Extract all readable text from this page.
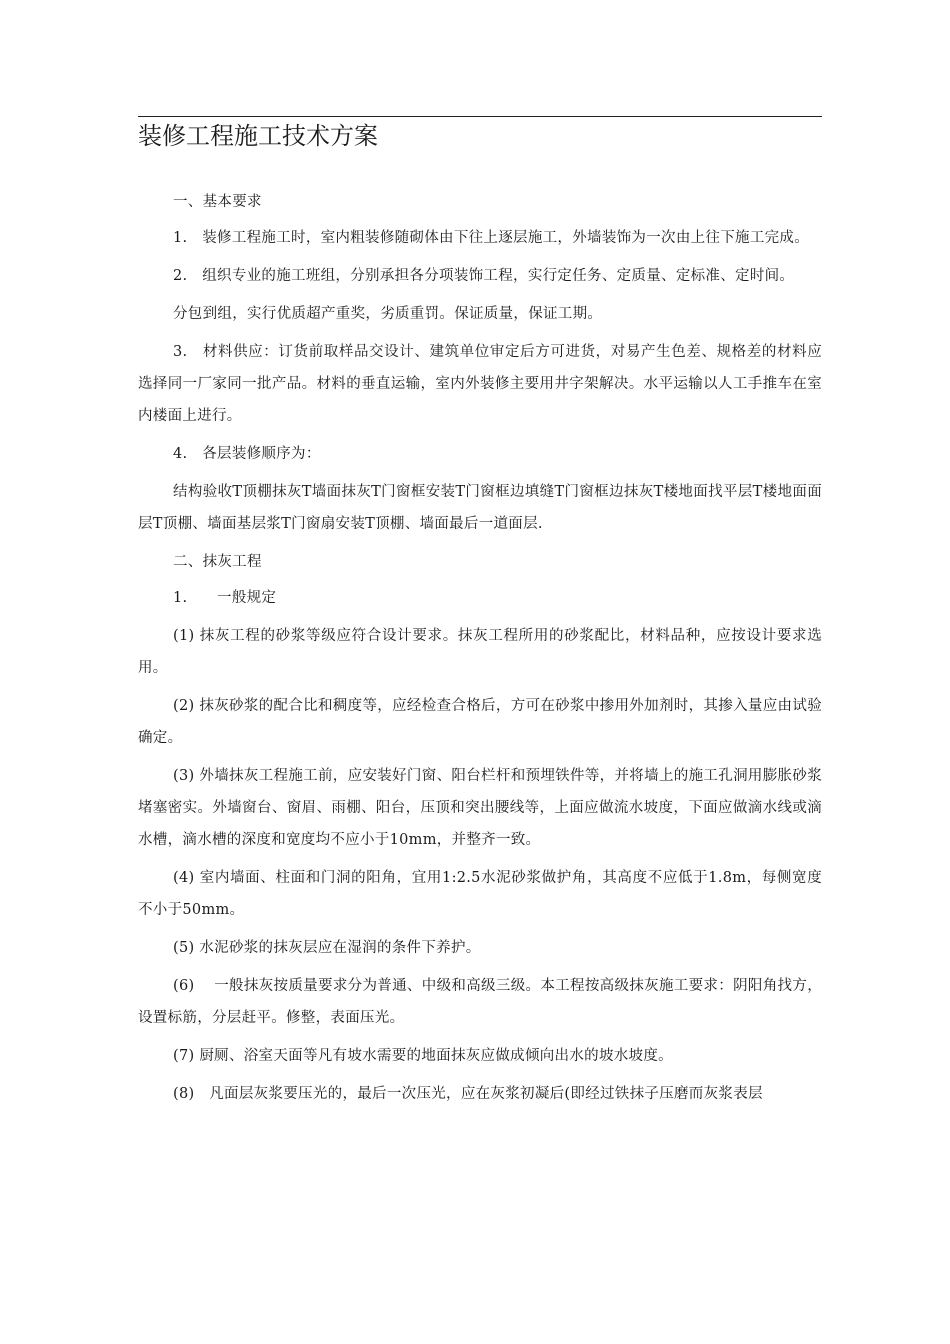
装修工程施工技术方案

一、基本要求

1.　装修工程施工时，室内粗装修随砌体由下往上逐层施工，外墙装饰为一次由上往下施工完成。

2.　组织专业的施工班组，分别承担各分项装饰工程，实行定任务、定质量、定标准、定时间。

分包到组，实行优质超产重奖，劣质重罚。保证质量，保证工期。

3.　材料供应：订货前取样品交设计、建筑单位审定后方可进货，对易产生色差、规格差的材料应选择同一厂家同一批产品。材料的垂直运输，室内外装修主要用井字架解决。水平运输以人工手推车在室内楼面上进行。

4.　各层装修顺序为：

结构验收T顶棚抹灰T墙面抹灰T门窗框安装T门窗框边填缝T门窗框边抹灰T楼地面找平层T楼地面面层T顶棚、墙面基层浆T门窗扇安装T顶棚、墙面最后一道面层.

二、抹灰工程

1.　　一般规定

(1) 抹灰工程的砂浆等级应符合设计要求。抹灰工程所用的砂浆配比，材料品种，应按设计要求选用。

(2) 抹灰砂浆的配合比和稠度等，应经检查合格后，方可在砂浆中掺用外加剂时，其掺入量应由试验确定。

(3) 外墙抹灰工程施工前，应安装好门窗、阳台栏杆和预埋铁件等，并将墙上的施工孔洞用膨胀砂浆堵塞密实。外墙窗台、窗眉、雨棚、阳台，压顶和突出腰线等，上面应做流水坡度，下面应做滴水线或滴水槽，滴水槽的深度和宽度均不应小于10mm，并整齐一致。

(4) 室内墙面、柱面和门洞的阳角，宜用1:2.5水泥砂浆做护角，其高度不应低于1.8m，每侧宽度不小于50mm。

(5) 水泥砂浆的抹灰层应在湿润的条件下养护。

(6)　 一般抹灰按质量要求分为普通、中级和高级三级。本工程按高级抹灰施工要求：阴阳角找方，设置标筋，分层赶平。修整，表面压光。

(7) 厨厕、浴室天面等凡有坡水需要的地面抹灰应做成倾向出水的坡水坡度。

(8)　凡面层灰浆要压光的，最后一次压光，应在灰浆初凝后(即经过铁抹子压磨而灰浆表层
